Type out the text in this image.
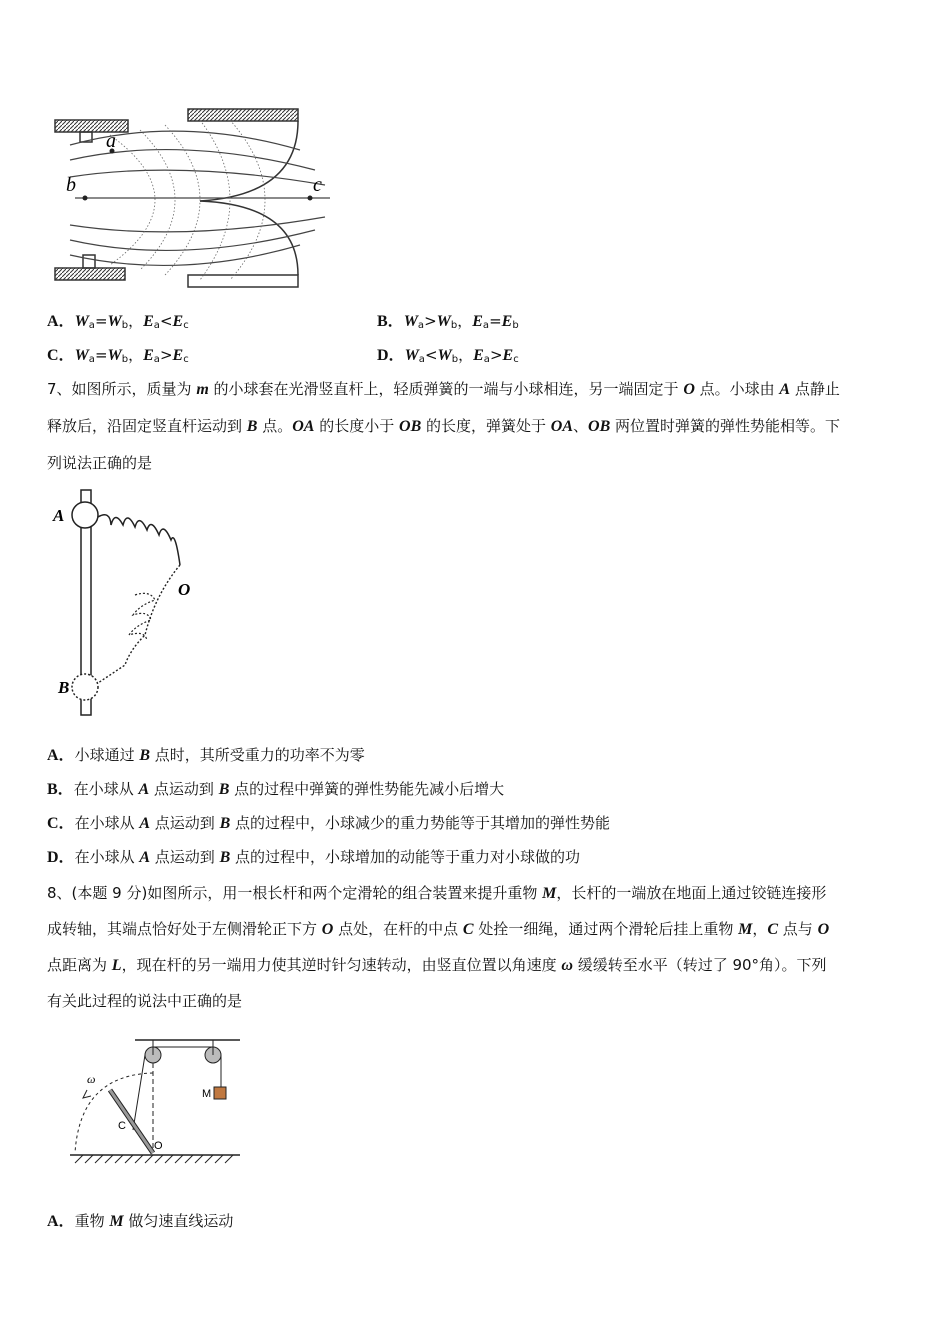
b	c
a
A．$W_a=W_b$，$E_a<E_c$	B．$W_a>W_b$，$E_a=E_b$
C．$W_a=W_b$，$E_a>E_c$	D．$W_a<W_b$，$E_a>E_c$
7、如图所示，质量为 m 的小球套在光滑竖直杆上，轻质弹簧的一端与小球相连，另一端固定于 O 点。小球由 A 点静止
释放后，沿固定竖直杆运动到 B 点。OA 的长度小于 OB 的长度，弹簧处于 OA、OB 两位置时弹簧的弹性势能相等。下
列说法正确的是
A
B
O
A．小球通过 B 点时，其所受重力的功率不为零
B．在小球从 A 点运动到 B 点的过程中弹簧的弹性势能先减小后增大
C．在小球从 A 点运动到 B 点的过程中，小球减少的重力势能等于其增加的弹性势能
D．在小球从 A 点运动到 B 点的过程中，小球增加的动能等于重力对小球做的功
8、(本题 9 分)如图所示，用一根长杆和两个定滑轮的组合装置来提升重物 M，长杆的一端放在地面上通过铰链连接形
成转轴，其端点恰好处于左侧滑轮正下方 O 点处，在杆的中点 C 处拴一细绳，通过两个滑轮后挂上重物 M，C 点与 O
点距离为 L，现在杆的另一端用力使其逆时针匀速转动，由竖直位置以角速度 ω 缓缓转至水平（转过了 90°角）。下列
有关此过程的说法中正确的是
ω
C
O
M
A．重物 M 做匀速直线运动
